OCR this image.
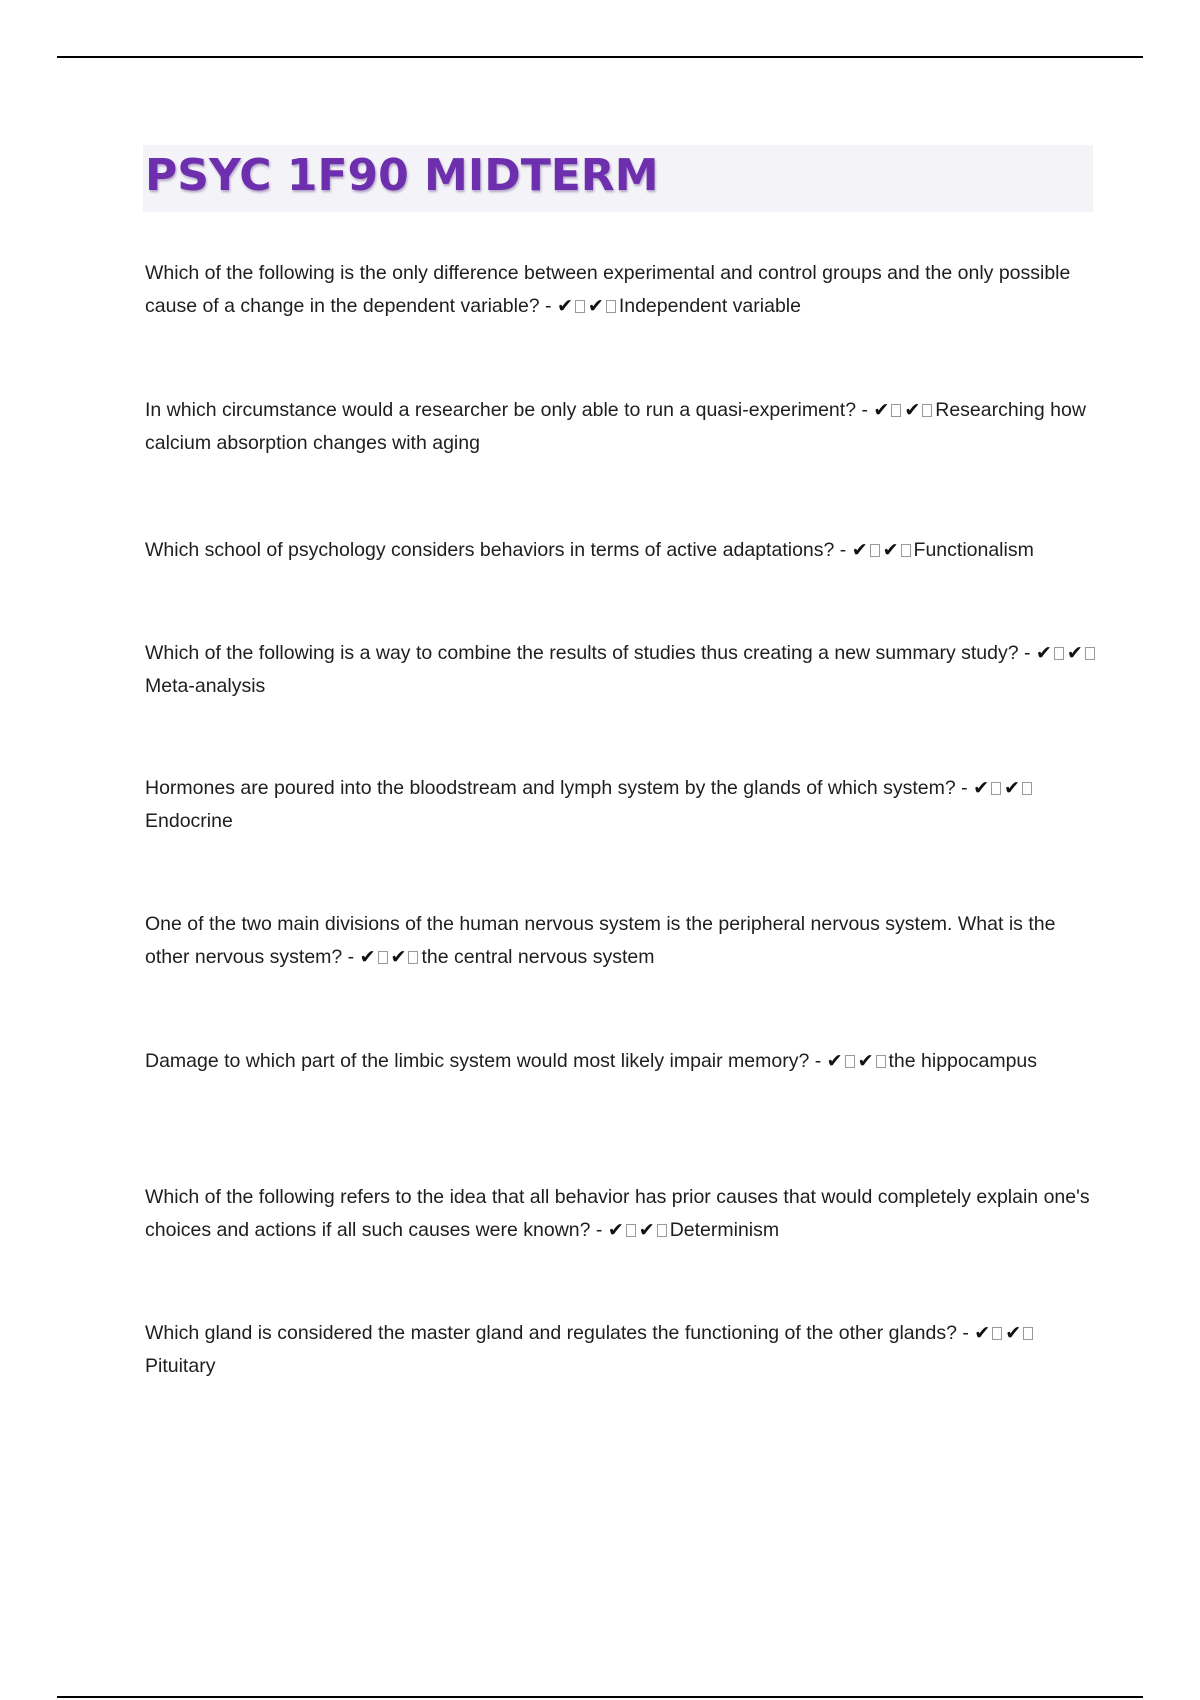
PSYC 1F90 MIDTERM

Which of the following is the only difference between experimental and control groups and the only possible cause of a change in the dependent variable? - ✔ ✔ Independent variable

In which circumstance would a researcher be only able to run a quasi-experiment? - ✔ ✔ Researching how calcium absorption changes with aging

Which school of psychology considers behaviors in terms of active adaptations? - ✔ ✔ Functionalism

Which of the following is a way to combine the results of studies thus creating a new summary study? - ✔ ✔Meta-analysis

Hormones are poured into the bloodstream and lymph system by the glands of which system? - ✔ ✔Endocrine

One of the two main divisions of the human nervous system is the peripheral nervous system. What is the other nervous system? - ✔ ✔ the central nervous system

Damage to which part of the limbic system would most likely impair memory? - ✔ ✔ the hippocampus

Which of the following refers to the idea that all behavior has prior causes that would completely explain one's choices and actions if all such causes were known? - ✔ ✔ Determinism

Which gland is considered the master gland and regulates the functioning of the other glands? - ✔ ✔Pituitary
